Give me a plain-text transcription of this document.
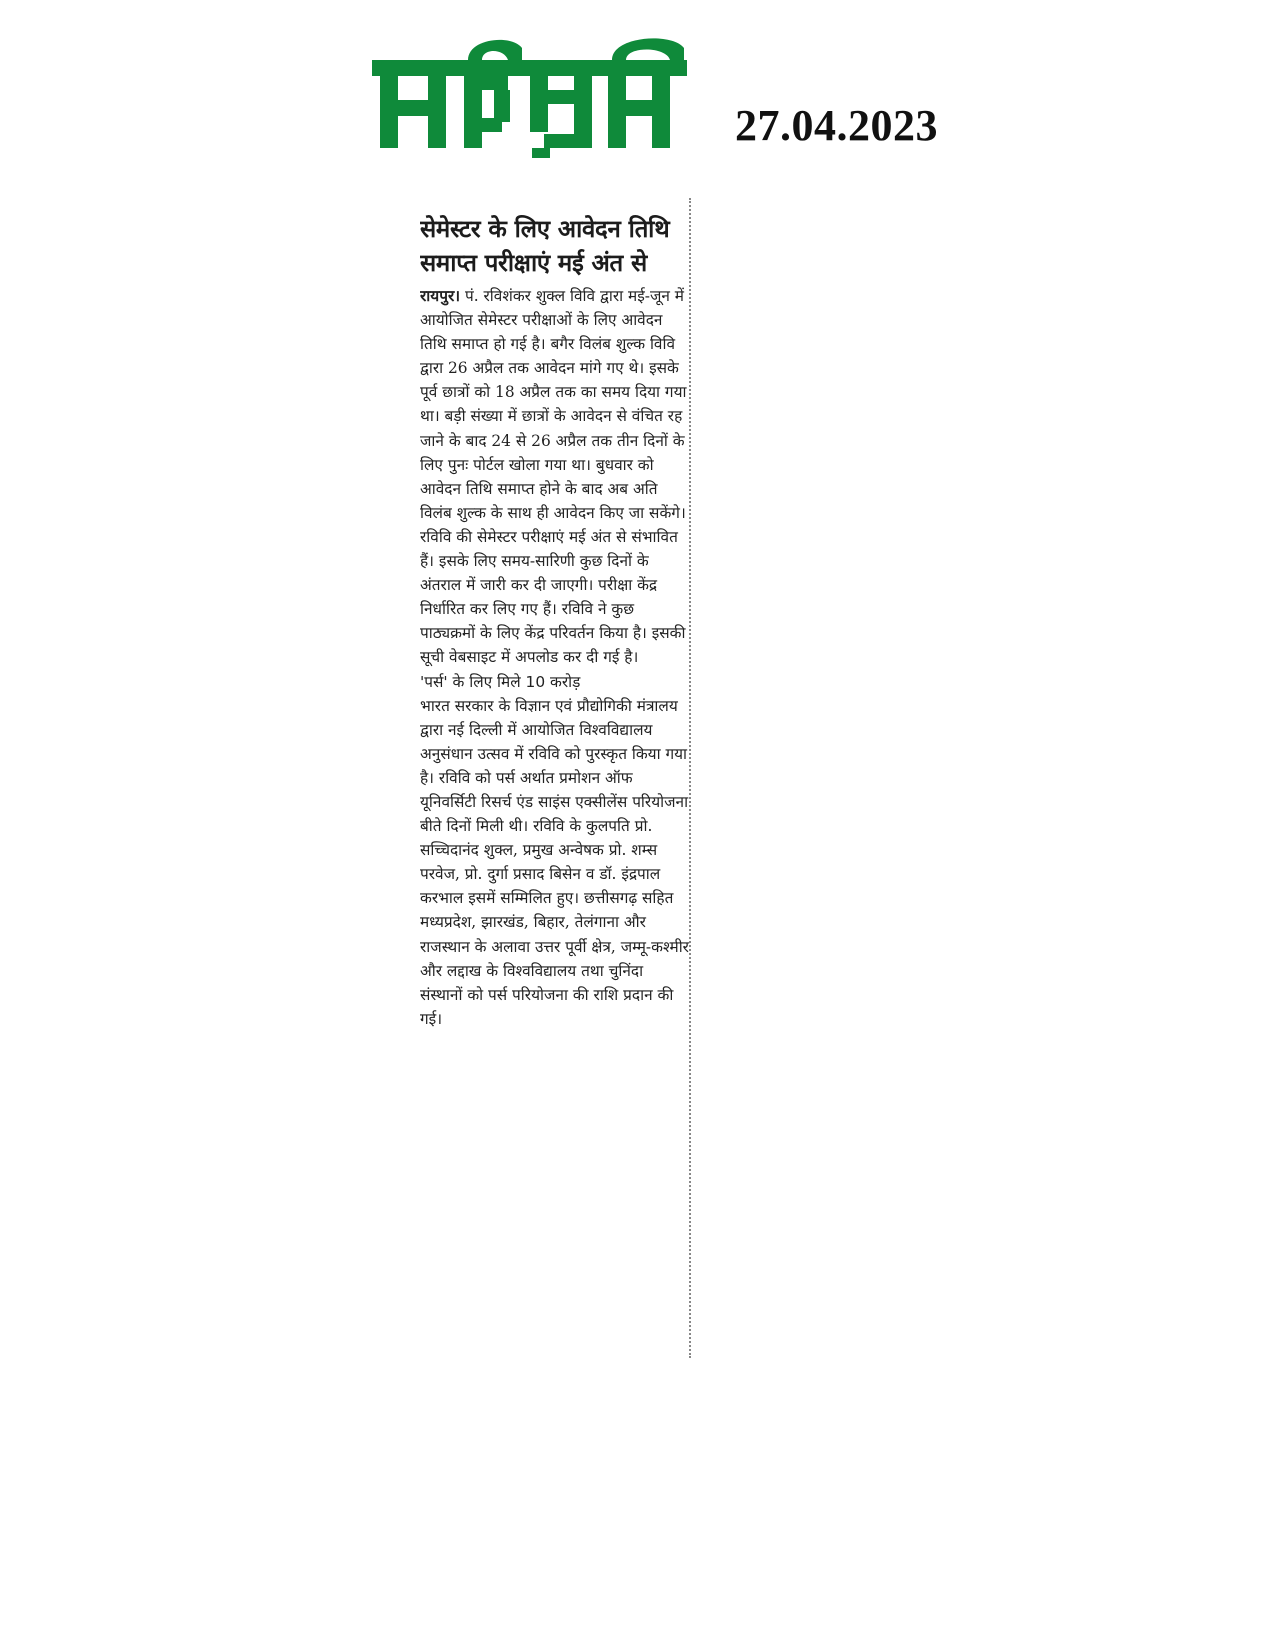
27.04.2023
सेमेस्टर के लिए आवेदन तिथि समाप्त परीक्षाएं मई अंत से

रायपुर। पं. रविशंकर शुक्ल विवि द्वारा मई-जून में आयोजित सेमेस्टर परीक्षाओं के लिए आवेदन तिथि समाप्त हो गई है। बगैर विलंब शुल्क विवि द्वारा 26 अप्रैल तक आवेदन मांगे गए थे। इसके पूर्व छात्रों को 18 अप्रैल तक का समय दिया गया था। बड़ी संख्या में छात्रों के आवेदन से वंचित रह जाने के बाद 24 से 26 अप्रैल तक तीन दिनों के लिए पुनः पोर्टल खोला गया था। बुधवार को आवेदन तिथि समाप्त होने के बाद अब अति विलंब शुल्क के साथ ही आवेदन किए जा सकेंगे। रविवि की सेमेस्टर परीक्षाएं मई अंत से संभावित हैं। इसके लिए समय-सारिणी कुछ दिनों के अंतराल में जारी कर दी जाएगी। परीक्षा केंद्र निर्धारित कर लिए गए हैं। रविवि ने कुछ पाठ्यक्रमों के लिए केंद्र परिवर्तन किया है। इसकी सूची वेबसाइट में अपलोड कर दी गई है।

'पर्स' के लिए मिले 10 करोड़

भारत सरकार के विज्ञान एवं प्रौद्योगिकी मंत्रालय द्वारा नई दिल्ली में आयोजित विश्वविद्यालय अनुसंधान उत्सव में रविवि को पुरस्कृत किया गया है। रविवि को पर्स अर्थात प्रमोशन ऑफ यूनिवर्सिटी रिसर्च एंड साइंस एक्सीलेंस परियोजना बीते दिनों मिली थी। रविवि के कुलपति प्रो. सच्चिदानंद शुक्ल, प्रमुख अन्वेषक प्रो. शम्स परवेज, प्रो. दुर्गा प्रसाद बिसेन व डॉ. इंद्रपाल करभाल इसमें सम्मिलित हुए। छत्तीसगढ़ सहित मध्यप्रदेश, झारखंड, बिहार, तेलंगाना और राजस्थान के अलावा उत्तर पूर्वी क्षेत्र, जम्मू-कश्मीर और लद्दाख के विश्वविद्यालय तथा चुनिंदा संस्थानों को पर्स परियोजना की राशि प्रदान की गई।
